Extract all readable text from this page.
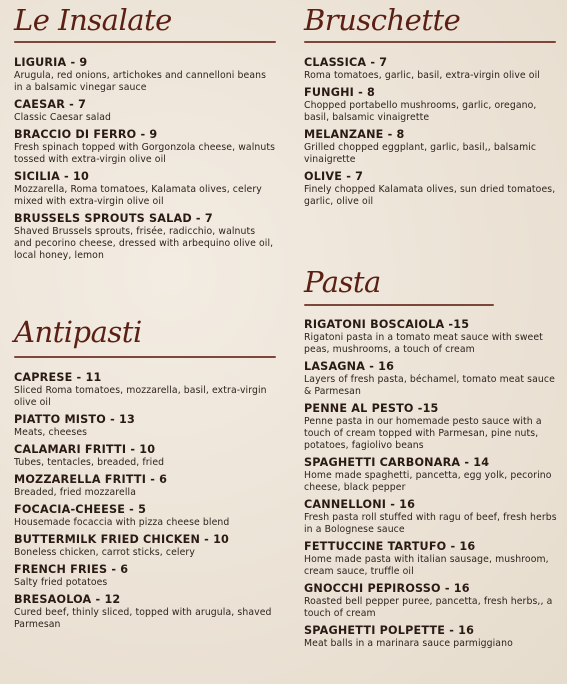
Le Insalate
LIGURIA - 9
Arugula, red onions, artichokes and cannelloni beans in a balsamic vinegar sauce
CAESAR - 7
Classic Caesar salad
BRACCIO DI FERRO - 9
Fresh spinach topped with Gorgonzola cheese, walnuts tossed with extra-virgin olive oil
SICILIA - 10
Mozzarella, Roma tomatoes, Kalamata olives, celery mixed with extra-virgin olive oil
BRUSSELS SPROUTS SALAD - 7
Shaved Brussels sprouts, frisée, radicchio, walnuts and pecorino cheese, dressed with arbequino olive oil, local honey, lemon
Antipasti
CAPRESE - 11
Sliced Roma tomatoes, mozzarella, basil, extra-virgin olive oil
PIATTO MISTO - 13
Meats, cheeses
CALAMARI FRITTI - 10
Tubes, tentacles, breaded, fried
MOZZARELLA FRITTI - 6
Breaded, fried mozzarella
FOCACIA-CHEESE - 5
Housemade focaccia with pizza cheese blend
BUTTERMILK FRIED CHICKEN - 10
Boneless chicken, carrot sticks, celery
FRENCH FRIES - 6
Salty fried potatoes
BRESAOLOA - 12
Cured beef, thinly sliced, topped with arugula, shaved Parmesan
Bruschette
CLASSICA - 7
Roma tomatoes, garlic, basil, extra-virgin olive oil
FUNGHI - 8
Chopped portabello mushrooms, garlic, oregano, basil, balsamic vinaigrette
MELANZANE - 8
Grilled chopped eggplant, garlic, basil,, balsamic vinaigrette
OLIVE - 7
Finely chopped Kalamata olives, sun dried tomatoes, garlic, olive oil
Pasta
RIGATONI BOSCAIOLA -15
Rigatoni pasta in a tomato meat sauce with sweet peas, mushrooms, a touch of cream
LASAGNA - 16
Layers of fresh pasta, béchamel, tomato meat sauce & Parmesan
PENNE AL PESTO -15
Penne pasta in our homemade pesto sauce with a touch of cream topped with Parmesan, pine nuts, potatoes, fagiolivo beans
SPAGHETTI CARBONARA - 14
Home made spaghetti, pancetta, egg yolk, pecorino cheese, black pepper
CANNELLONI - 16
Fresh pasta roll stuffed with ragu of beef, fresh herbs in a Bolognese sauce
FETTUCCINE TARTUFO - 16
Home made pasta with italian sausage, mushroom, cream sauce, truffle oil
GNOCCHI PEPIROSSO - 16
Roasted bell pepper puree, pancetta, fresh herbs,, a touch of cream
SPAGHETTI POLPETTE - 16
Meat balls in a marinara sauce parmiggiano
